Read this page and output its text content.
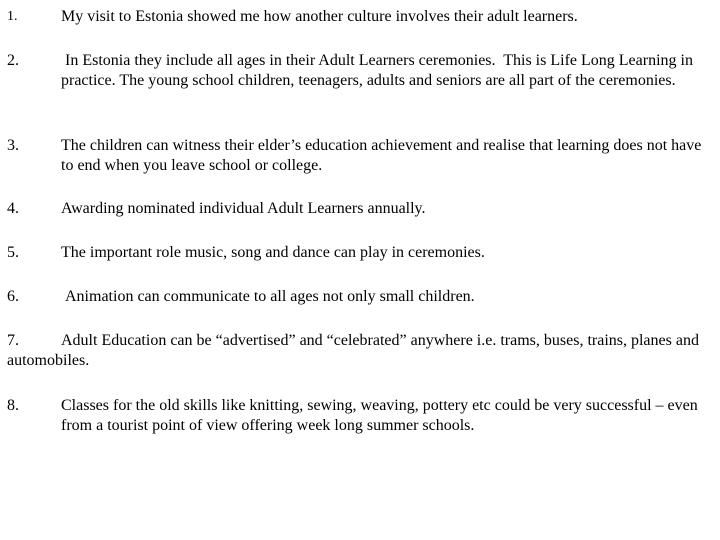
1.	My visit to Estonia showed me how another culture involves their adult learners.
2.	In Estonia they include all ages in their Adult Learners ceremonies.  This is Life Long Learning in practice. The young school children, teenagers, adults and seniors are all part of the ceremonies.
3.	The children can witness their elder’s education achievement and realise that learning does not have to end when you leave school or college.
4.	Awarding nominated individual Adult Learners annually.
5.	The important role music, song and dance can play in ceremonies.
6.	Animation can communicate to all ages not only small children.
7.	Adult Education can be “advertised” and “celebrated” anywhere i.e. trams, buses, trains, planes and automobiles.
8.	Classes for the old skills like knitting, sewing, weaving, pottery etc could be very successful – even from a tourist point of view offering week long summer schools.
